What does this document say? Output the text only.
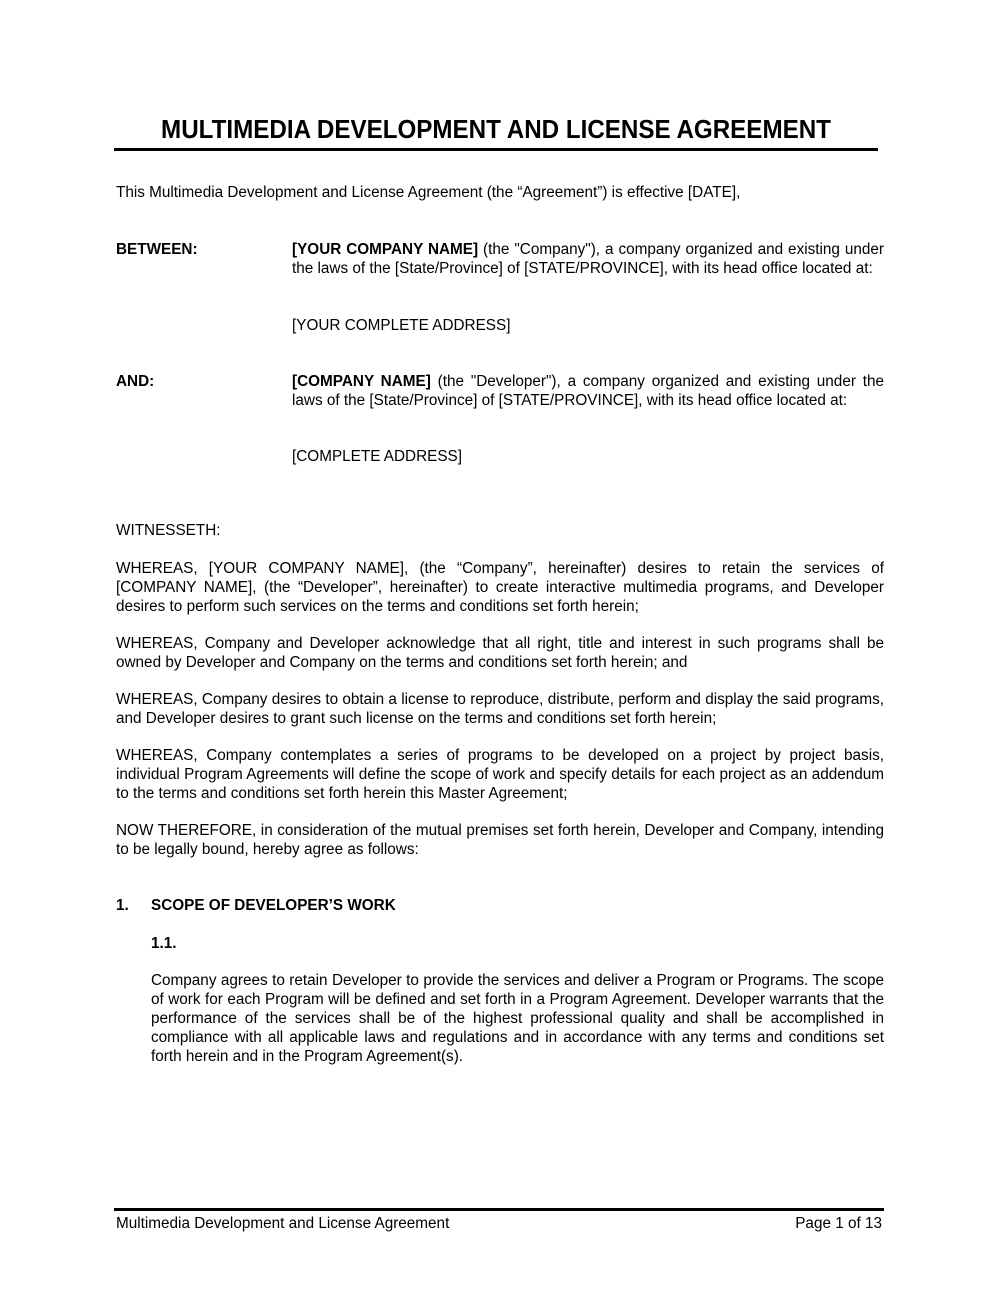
MULTIMEDIA DEVELOPMENT AND LICENSE AGREEMENT
This Multimedia Development and License Agreement (the “Agreement”) is effective [DATE],
BETWEEN:	[YOUR COMPANY NAME] (the "Company"), a company organized and existing under the laws of the [State/Province] of [STATE/PROVINCE], with its head office located at:
[YOUR COMPLETE ADDRESS]
AND:	[COMPANY NAME] (the "Developer"), a company organized and existing under the laws of the [State/Province] of [STATE/PROVINCE], with its head office located at:
[COMPLETE ADDRESS]
WITNESSETH:
WHEREAS, [YOUR COMPANY NAME], (the “Company”, hereinafter) desires to retain the services of [COMPANY NAME], (the “Developer”, hereinafter) to create interactive multimedia programs, and Developer desires to perform such services on the terms and conditions set forth herein;
WHEREAS, Company and Developer acknowledge that all right, title and interest in such programs shall be owned by Developer and Company on the terms and conditions set forth herein; and
WHEREAS, Company desires to obtain a license to reproduce, distribute, perform and display the said programs, and Developer desires to grant such license on the terms and conditions set forth herein;
WHEREAS, Company contemplates a series of programs to be developed on a project by project basis, individual Program Agreements will define the scope of work and specify details for each project as an addendum to the terms and conditions set forth herein this Master Agreement;
NOW THEREFORE, in consideration of the mutual premises set forth herein, Developer and Company, intending to be legally bound, hereby agree as follows:
1. SCOPE OF DEVELOPER’S WORK
1.1.
Company agrees to retain Developer to provide the services and deliver a Program or Programs. The scope of work for each Program will be defined and set forth in a Program Agreement. Developer warrants that the performance of the services shall be of the highest professional quality and shall be accomplished in compliance with all applicable laws and regulations and in accordance with any terms and conditions set forth herein and in the Program Agreement(s).
Multimedia Development and License Agreement	Page 1 of 13
